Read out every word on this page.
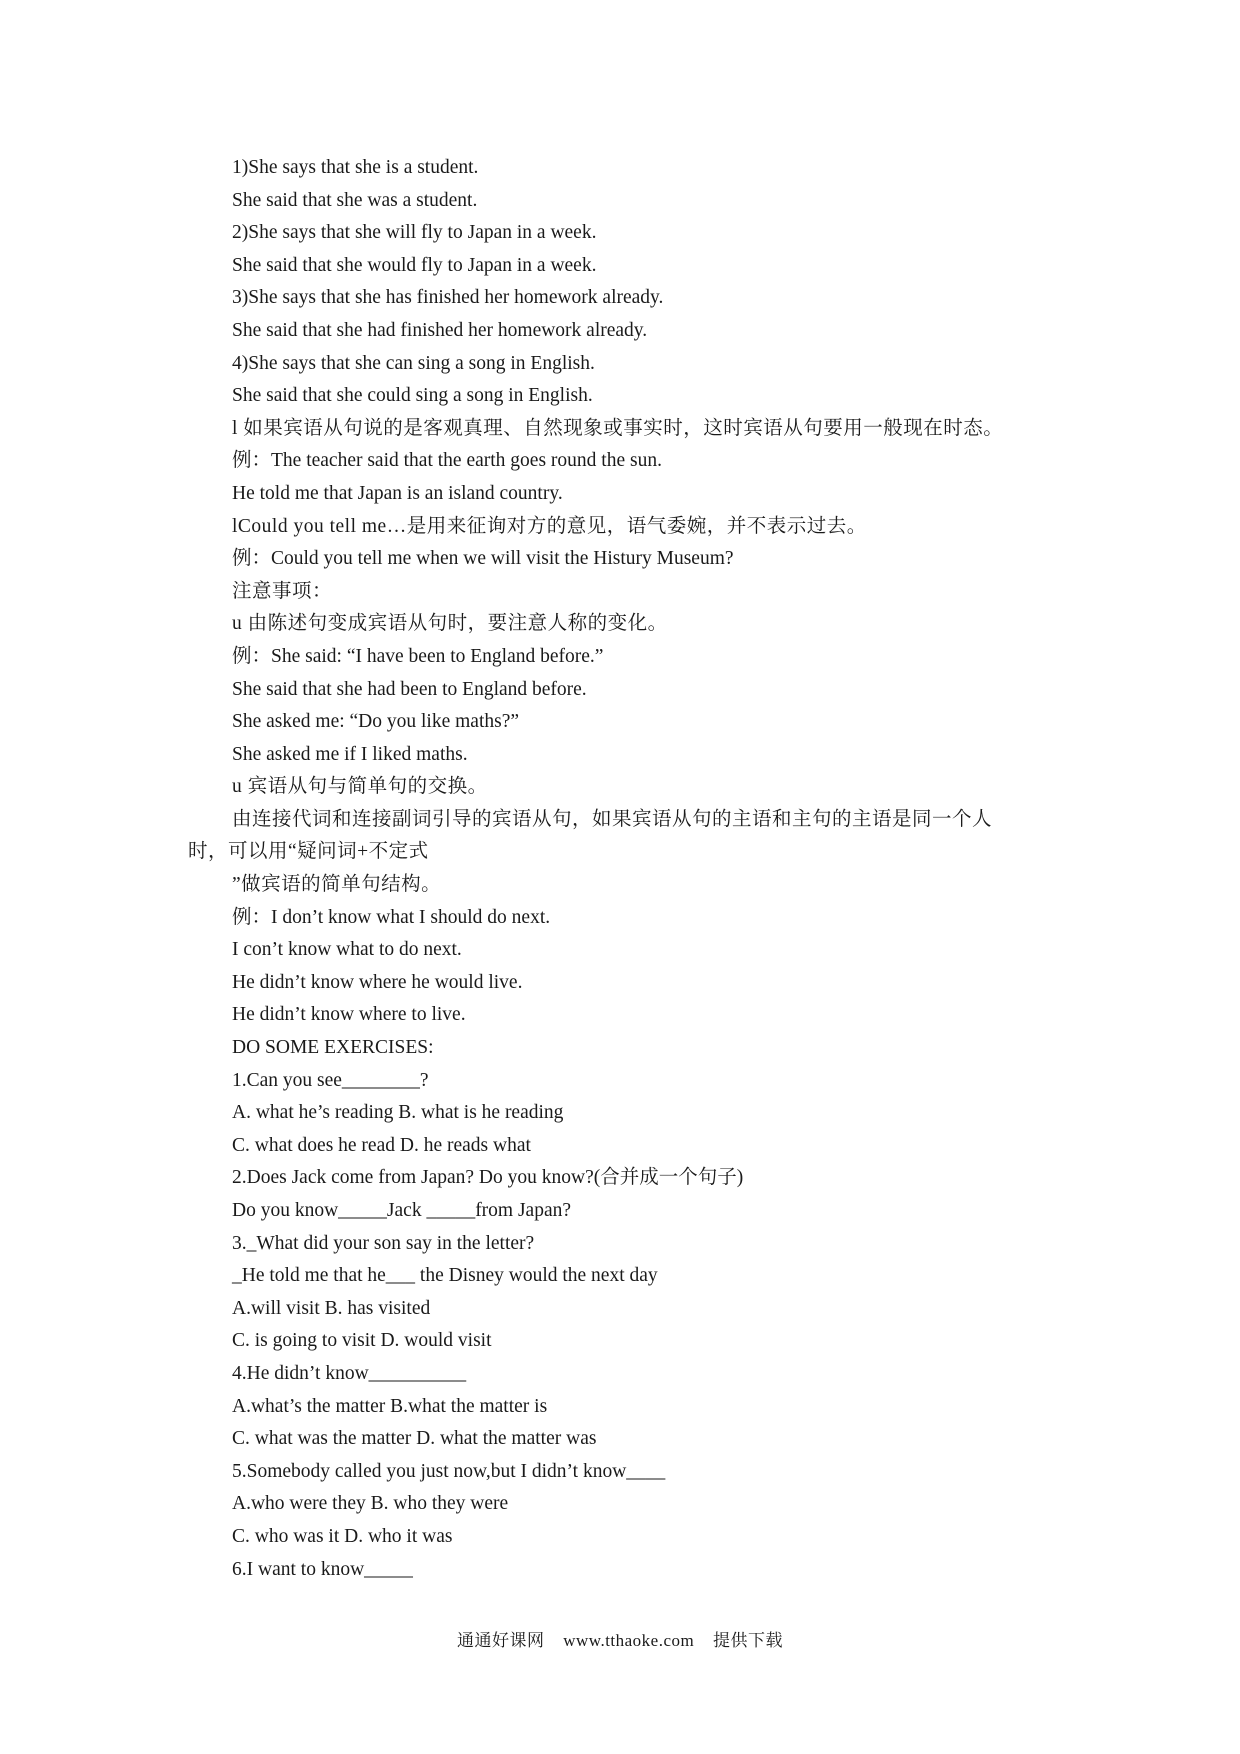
1)She says that she is a student.
She said that she was a student.
2)She says that she will fly to Japan in a week.
She said that she would fly to Japan in a week.
3)She says that she has finished her homework already.
She said that she had finished her homework already.
4)She says that she can sing a song in English.
She said that she could sing a song in English.
l 如果宾语从句说的是客观真理、自然现象或事实时，这时宾语从句要用一般现在时态。
例：The teacher said that the earth goes round the sun.
He told me that Japan is an island country.
lCould you tell me…是用来征询对方的意见，语气委婉，并不表示过去。
例：Could you tell me when we will visit the Histury Museum?
注意事项：
u 由陈述句变成宾语从句时，要注意人称的变化。
例：She said: “I have been to England before.”
She said that she had been to England before.
She asked me: “Do you like maths?”
She asked me if I liked maths.
u 宾语从句与简单句的交换。
由连接代词和连接副词引导的宾语从句，如果宾语从句的主语和主句的主语是同一个人
时，可以用“疑问词+不定式
”做宾语的简单句结构。
例：I don’t know what I should do next.
I con’t know what to do next.
He didn’t know where he would live.
He didn’t know where to live.
DO SOME EXERCISES:
1.Can you see________?
A. what he’s reading B. what is he reading
C. what does he read D. he reads what
2.Does Jack come from Japan? Do you know?(合并成一个句子)
Do you know_____Jack _____from Japan?
3._What did your son say in the letter?
_He told me that he___ the Disney would the next day
A.will visit B. has visited
C. is going to visit D. would visit
4.He didn’t know__________
A.what’s the matter B.what the matter is
C. what was the matter D. what the matter was
5.Somebody called you just now,but I didn’t know____
A.who were they B. who they were
C. who was it D. who it was
6.I want to know_____
通通好课网 www.tthaoke.com 提供下载
